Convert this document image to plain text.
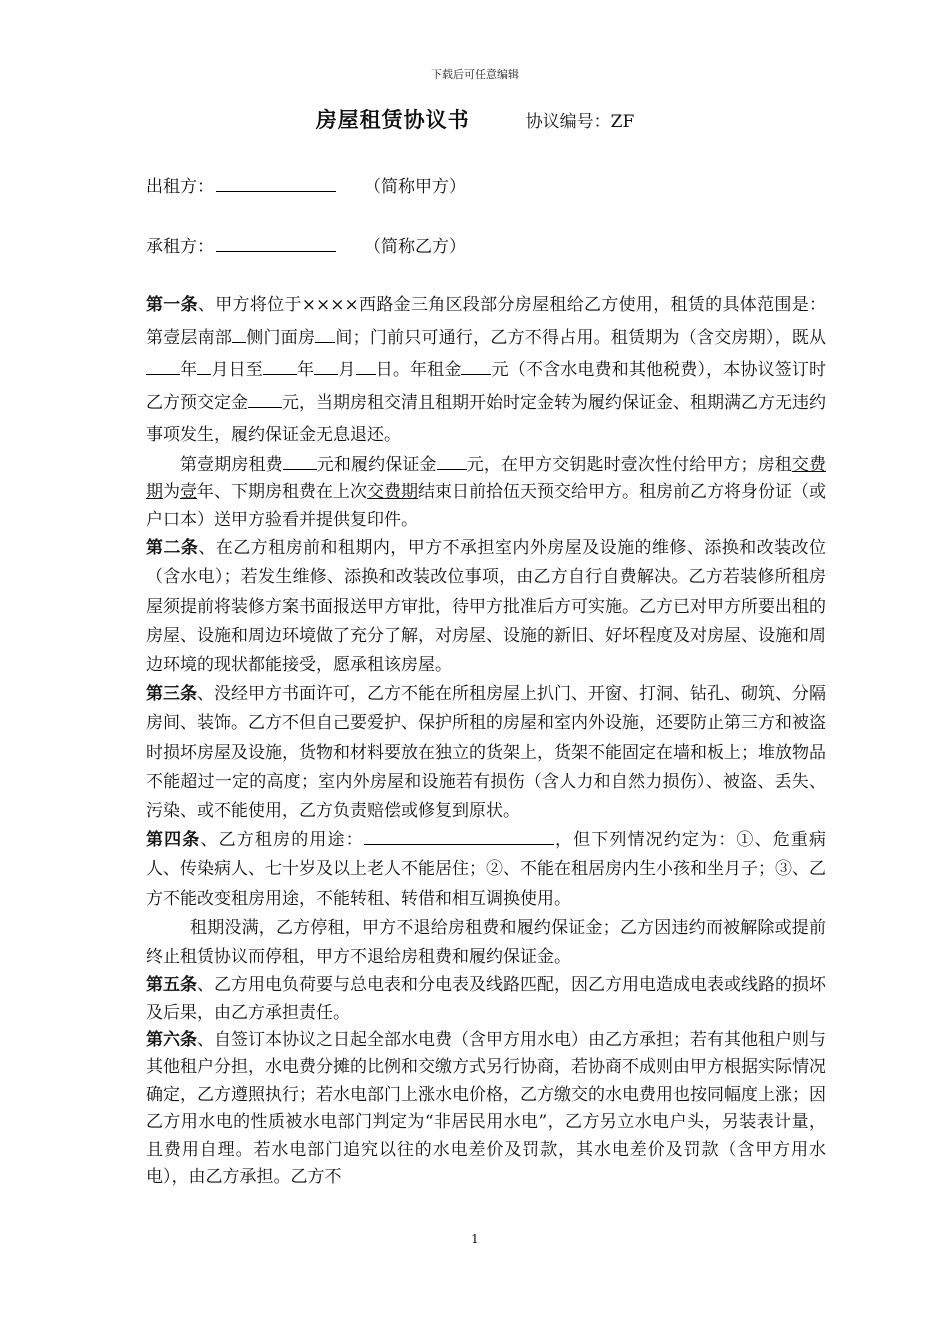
下载后可任意编辑
房屋租赁协议书	协议编号：ZF
出租方：	（简称甲方）
承租方：	（简称乙方）

第一条、甲方将位于××××西路金三角区段部分房屋租给乙方使用，租赁的具体范围是：第壹层南部 侧门面房 间；门前只可通行，乙方不得占用。租赁期为（含交房期），既从年 月日至 年 月 日。年租金 元（不含水电费和其他税费），本协议签订时乙方预交定金 元，当期房租交清且租期开始时定金转为履约保证金、租期满乙方无违约事项发生，履约保证金无息退还。

第壹期房租费 元和履约保证金 元，在甲方交钥匙时壹次性付给甲方；房租交费期为壹年、下期房租费在上次交费期结束日前拾伍天预交给甲方。租房前乙方将身份证（或户口本）送甲方验看并提供复印件。

第二条、在乙方租房前和租期内，甲方不承担室内外房屋及设施的维修、添换和改装改位（含水电）；若发生维修、添换和改装改位事项，由乙方自行自费解决。乙方若装修所租房屋须提前将装修方案书面报送甲方审批，待甲方批准后方可实施。乙方已对甲方所要出租的房屋、设施和周边环境做了充分了解，对房屋、设施的新旧、好坏程度及对房屋、设施和周边环境的现状都能接受，愿承租该房屋。

第三条、没经甲方书面许可，乙方不能在所租房屋上扒门、开窗、打洞、钻孔、砌筑、分隔房间、装饰。乙方不但自己要爱护、保护所租的房屋和室内外设施，还要防止第三方和被盗时损坏房屋及设施，货物和材料要放在独立的货架上，货架不能固定在墙和板上；堆放物品不能超过一定的高度；室内外房屋和设施若有损伤（含人力和自然力损伤）、被盗、丢失、污染、或不能使用，乙方负责赔偿或修复到原状。

第四条、乙方租房的用途：	，但下列情况约定为：①、危重病人、传染病人、七十岁及以上老人不能居住；②、不能在租居房内生小孩和坐月子；③、乙方不能改变租房用途，不能转租、转借和相互调换使用。

租期没满，乙方停租，甲方不退给房租费和履约保证金；乙方因违约而被解除或提前终止租赁协议而停租，甲方不退给房租费和履约保证金。

第五条、乙方用电负荷要与总电表和分电表及线路匹配，因乙方用电造成电表或线路的损坏及后果，由乙方承担责任。

第六条、自签订本协议之日起全部水电费（含甲方用水电）由乙方承担；若有其他租户则与其他租户分担，水电费分摊的比例和交缴方式另行协商，若协商不成则由甲方根据实际情况确定，乙方遵照执行；若水电部门上涨水电价格，乙方缴交的水电费用也按同幅度上涨；因乙方用水电的性质被水电部门判定为“非居民用水电”，乙方另立水电户头，另装表计量，且费用自理。若水电部门追究以往的水电差价及罚款，其水电差价及罚款（含甲方用水电），由乙方承担。乙方不

1
